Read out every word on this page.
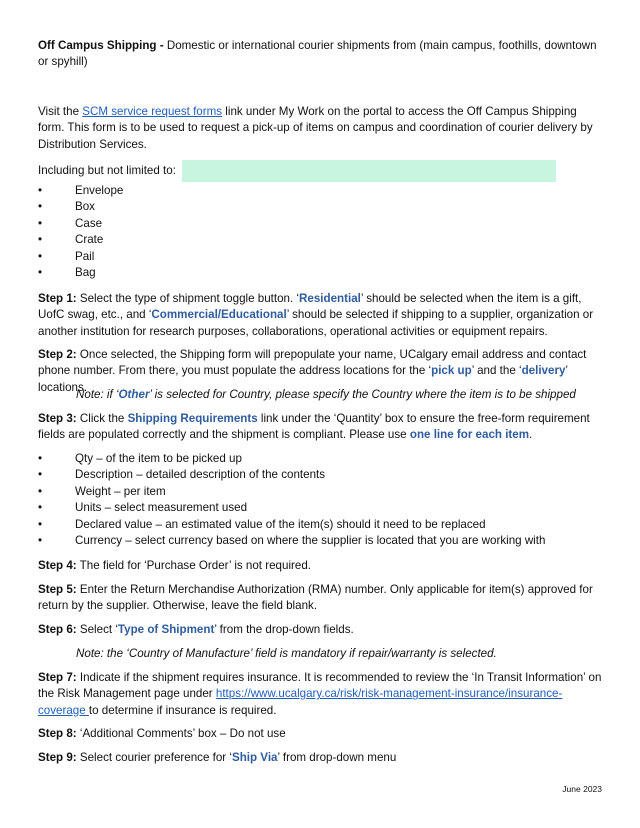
Off Campus Shipping - Domestic or international courier shipments from (main campus, foothills, downtown or spyhill)

Visit the SCM service request forms link under My Work on the portal to access the Off Campus Shipping form. This form is to be used to request a pick-up of items on campus and coordination of courier delivery by Distribution Services.

Including but not limited to:

• Envelope
• Box
• Case
• Crate
• Pail
• Bag

Step 1: Select the type of shipment toggle button. ‘Residential’ should be selected when the item is a gift, UofC swag, etc., and ‘Commercial/Educational’ should be selected if shipping to a supplier, organization or another institution for research purposes, collaborations, operational activities or equipment repairs.

Step 2: Once selected, the Shipping form will prepopulate your name, UCalgary email address and contact phone number. From there, you must populate the address locations for the ‘pick up’ and the ‘delivery’ locations.

Note: if ‘Other’ is selected for Country, please specify the Country where the item is to be shipped

Step 3: Click the Shipping Requirements link under the ‘Quantity’ box to ensure the free-form requirement fields are populated correctly and the shipment is compliant. Please use one line for each item.

• Qty – of the item to be picked up
• Description – detailed description of the contents
• Weight – per item
• Units – select measurement used
• Declared value – an estimated value of the item(s) should it need to be replaced
• Currency – select currency based on where the supplier is located that you are working with

Step 4: The field for ‘Purchase Order’ is not required.

Step 5: Enter the Return Merchandise Authorization (RMA) number. Only applicable for item(s) approved for return by the supplier. Otherwise, leave the field blank.

Step 6: Select ‘Type of Shipment’ from the drop-down fields.

Note: the ‘Country of Manufacture’ field is mandatory if repair/warranty is selected.

Step 7: Indicate if the shipment requires insurance. It is recommended to review the ‘In Transit Information’ on the Risk Management page under https://www.ucalgary.ca/risk/risk-management-insurance/insurance-coverage to determine if insurance is required.

Step 8: ‘Additional Comments’ box – Do not use

Step 9: Select courier preference for ‘Ship Via’ from drop-down menu

June 2023
